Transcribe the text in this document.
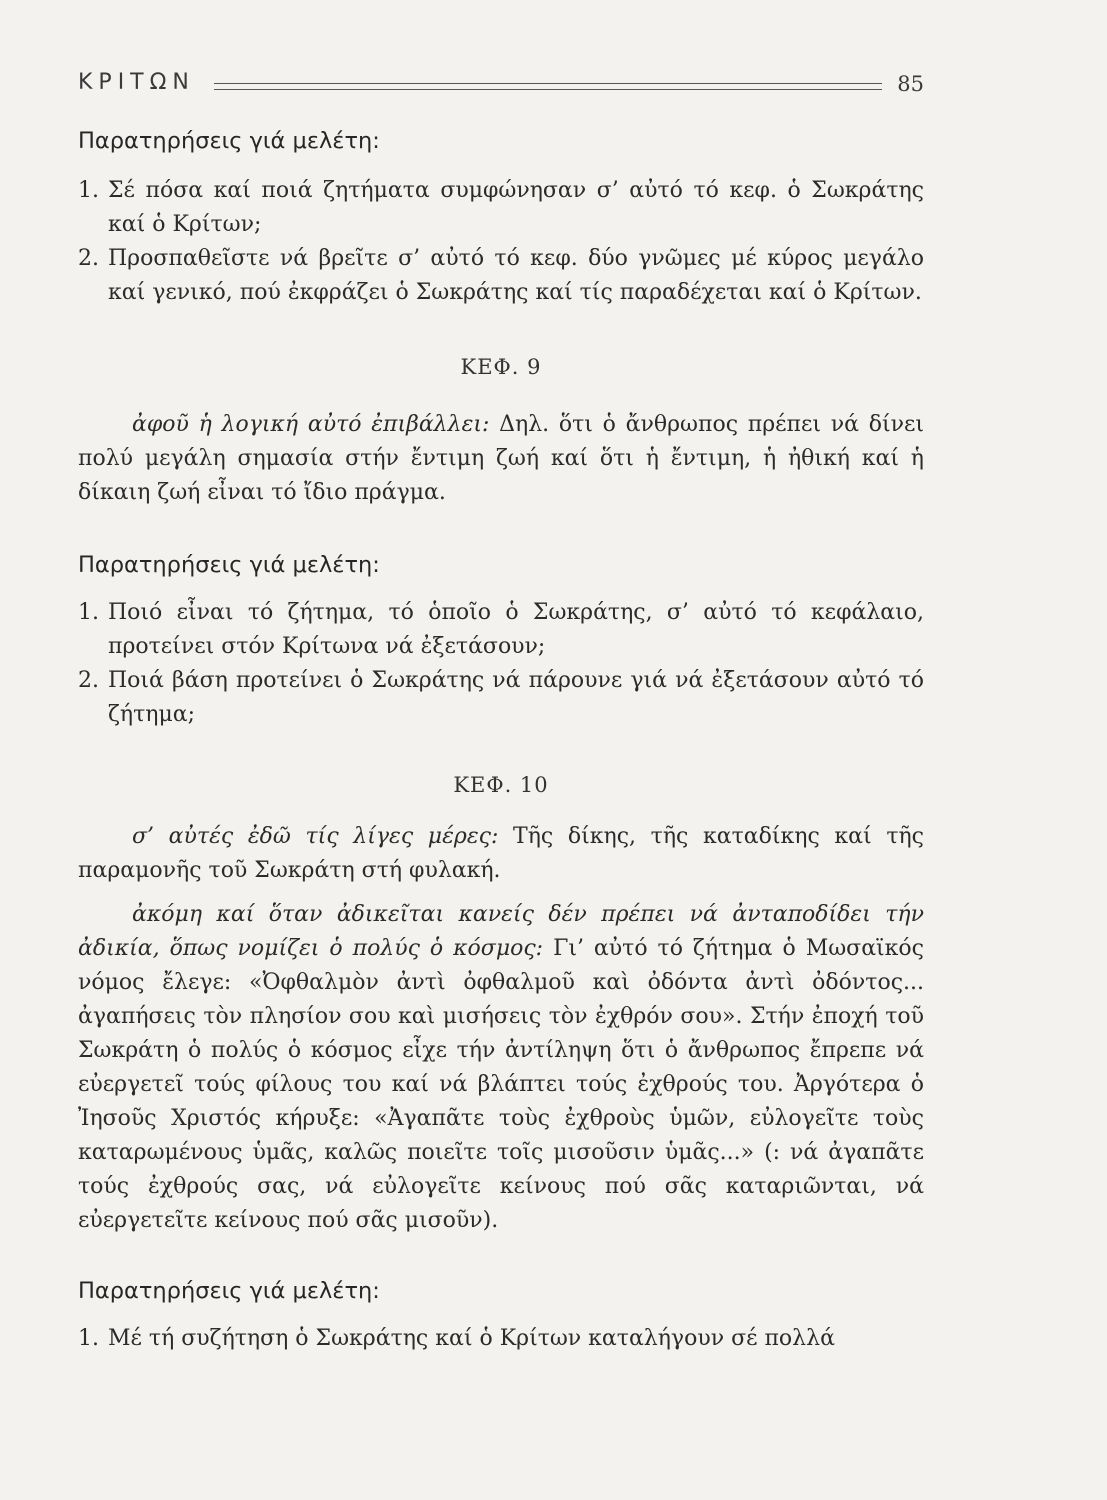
ΚΡΙΤΩΝ	85
Παρατηρήσεις γιά μελέτη:
1. Σέ πόσα καί ποιά ζητήματα συμφώνησαν σ’ αὐτό τό κεφ. ὁ Σωκράτης καί ὁ Κρίτων;
2. Προσπαθεῖστε νά βρεῖτε σ’ αὐτό τό κεφ. δύο γνῶμες μέ κύρος μεγάλο καί γενικό, πού ἐκφράζει ὁ Σωκράτης καί τίς παραδέχεται καί ὁ Κρίτων.
ΚΕΦ. 9

ἀφοῦ ἡ λογική αὐτό ἐπιβάλλει: Δηλ. ὅτι ὁ ἄνθρωπος πρέπει νά δίνει πολύ μεγάλη σημασία στήν ἔντιμη ζωή καί ὅτι ἡ ἔντιμη, ἡ ἠθική καί ἡ δίκαιη ζωή εἶναι τό ἴδιο πράγμα.

Παρατηρήσεις γιά μελέτη:
1. Ποιό εἶναι τό ζήτημα, τό ὁποῖο ὁ Σωκράτης, σ’ αὐτό τό κεφάλαιο, προτείνει στόν Κρίτωνα νά ἐξετάσουν;
2. Ποιά βάση προτείνει ὁ Σωκράτης νά πάρουνε γιά νά ἐξετάσουν αὐτό τό ζήτημα;
ΚΕΦ. 10

σ’ αὐτές ἐδῶ τίς λίγες μέρες: Τῆς δίκης, τῆς καταδίκης καί τῆς παραμονῆς τοῦ Σωκράτη στή φυλακή.

ἀκόμη καί ὅταν ἀδικεῖται κανείς δέν πρέπει νά ἀνταποδίδει τήν ἀδικία, ὅπως νομίζει ὁ πολύς ὁ κόσμος: Γι’ αὐτό τό ζήτημα ὁ Μωσαϊκός νόμος ἔλεγε: «Ὀφθαλμὸν ἀντὶ ὀφθαλμοῦ καὶ ὀδόντα ἀντὶ ὀδόντος... ἀγαπήσεις τὸν πλησίον σου καὶ μισήσεις τὸν ἐχθρόν σου». Στήν ἐποχή τοῦ Σωκράτη ὁ πολύς ὁ κόσμος εἶχε τήν ἀντίληψη ὅτι ὁ ἄνθρωπος ἔπρεπε νά εὐεργετεῖ τούς φίλους του καί νά βλάπτει τούς ἐχθρούς του. Ἀργότερα ὁ Ἰησοῦς Χριστός κήρυξε: «Ἀγαπᾶτε τοὺς ἐχθροὺς ὑμῶν, εὐλογεῖτε τοὺς καταρωμένους ὑμᾶς, καλῶς ποιεῖτε τοῖς μισοῦσιν ὑμᾶς...» (: νά ἀγαπᾶτε τούς ἐχθρούς σας, νά εὐλογεῖτε κείνους πού σᾶς καταριῶνται, νά εὐεργετεῖτε κείνους πού σᾶς μισοῦν).

Παρατηρήσεις γιά μελέτη:
1. Μέ τή συζήτηση ὁ Σωκράτης καί ὁ Κρίτων καταλήγουν σέ πολλά
